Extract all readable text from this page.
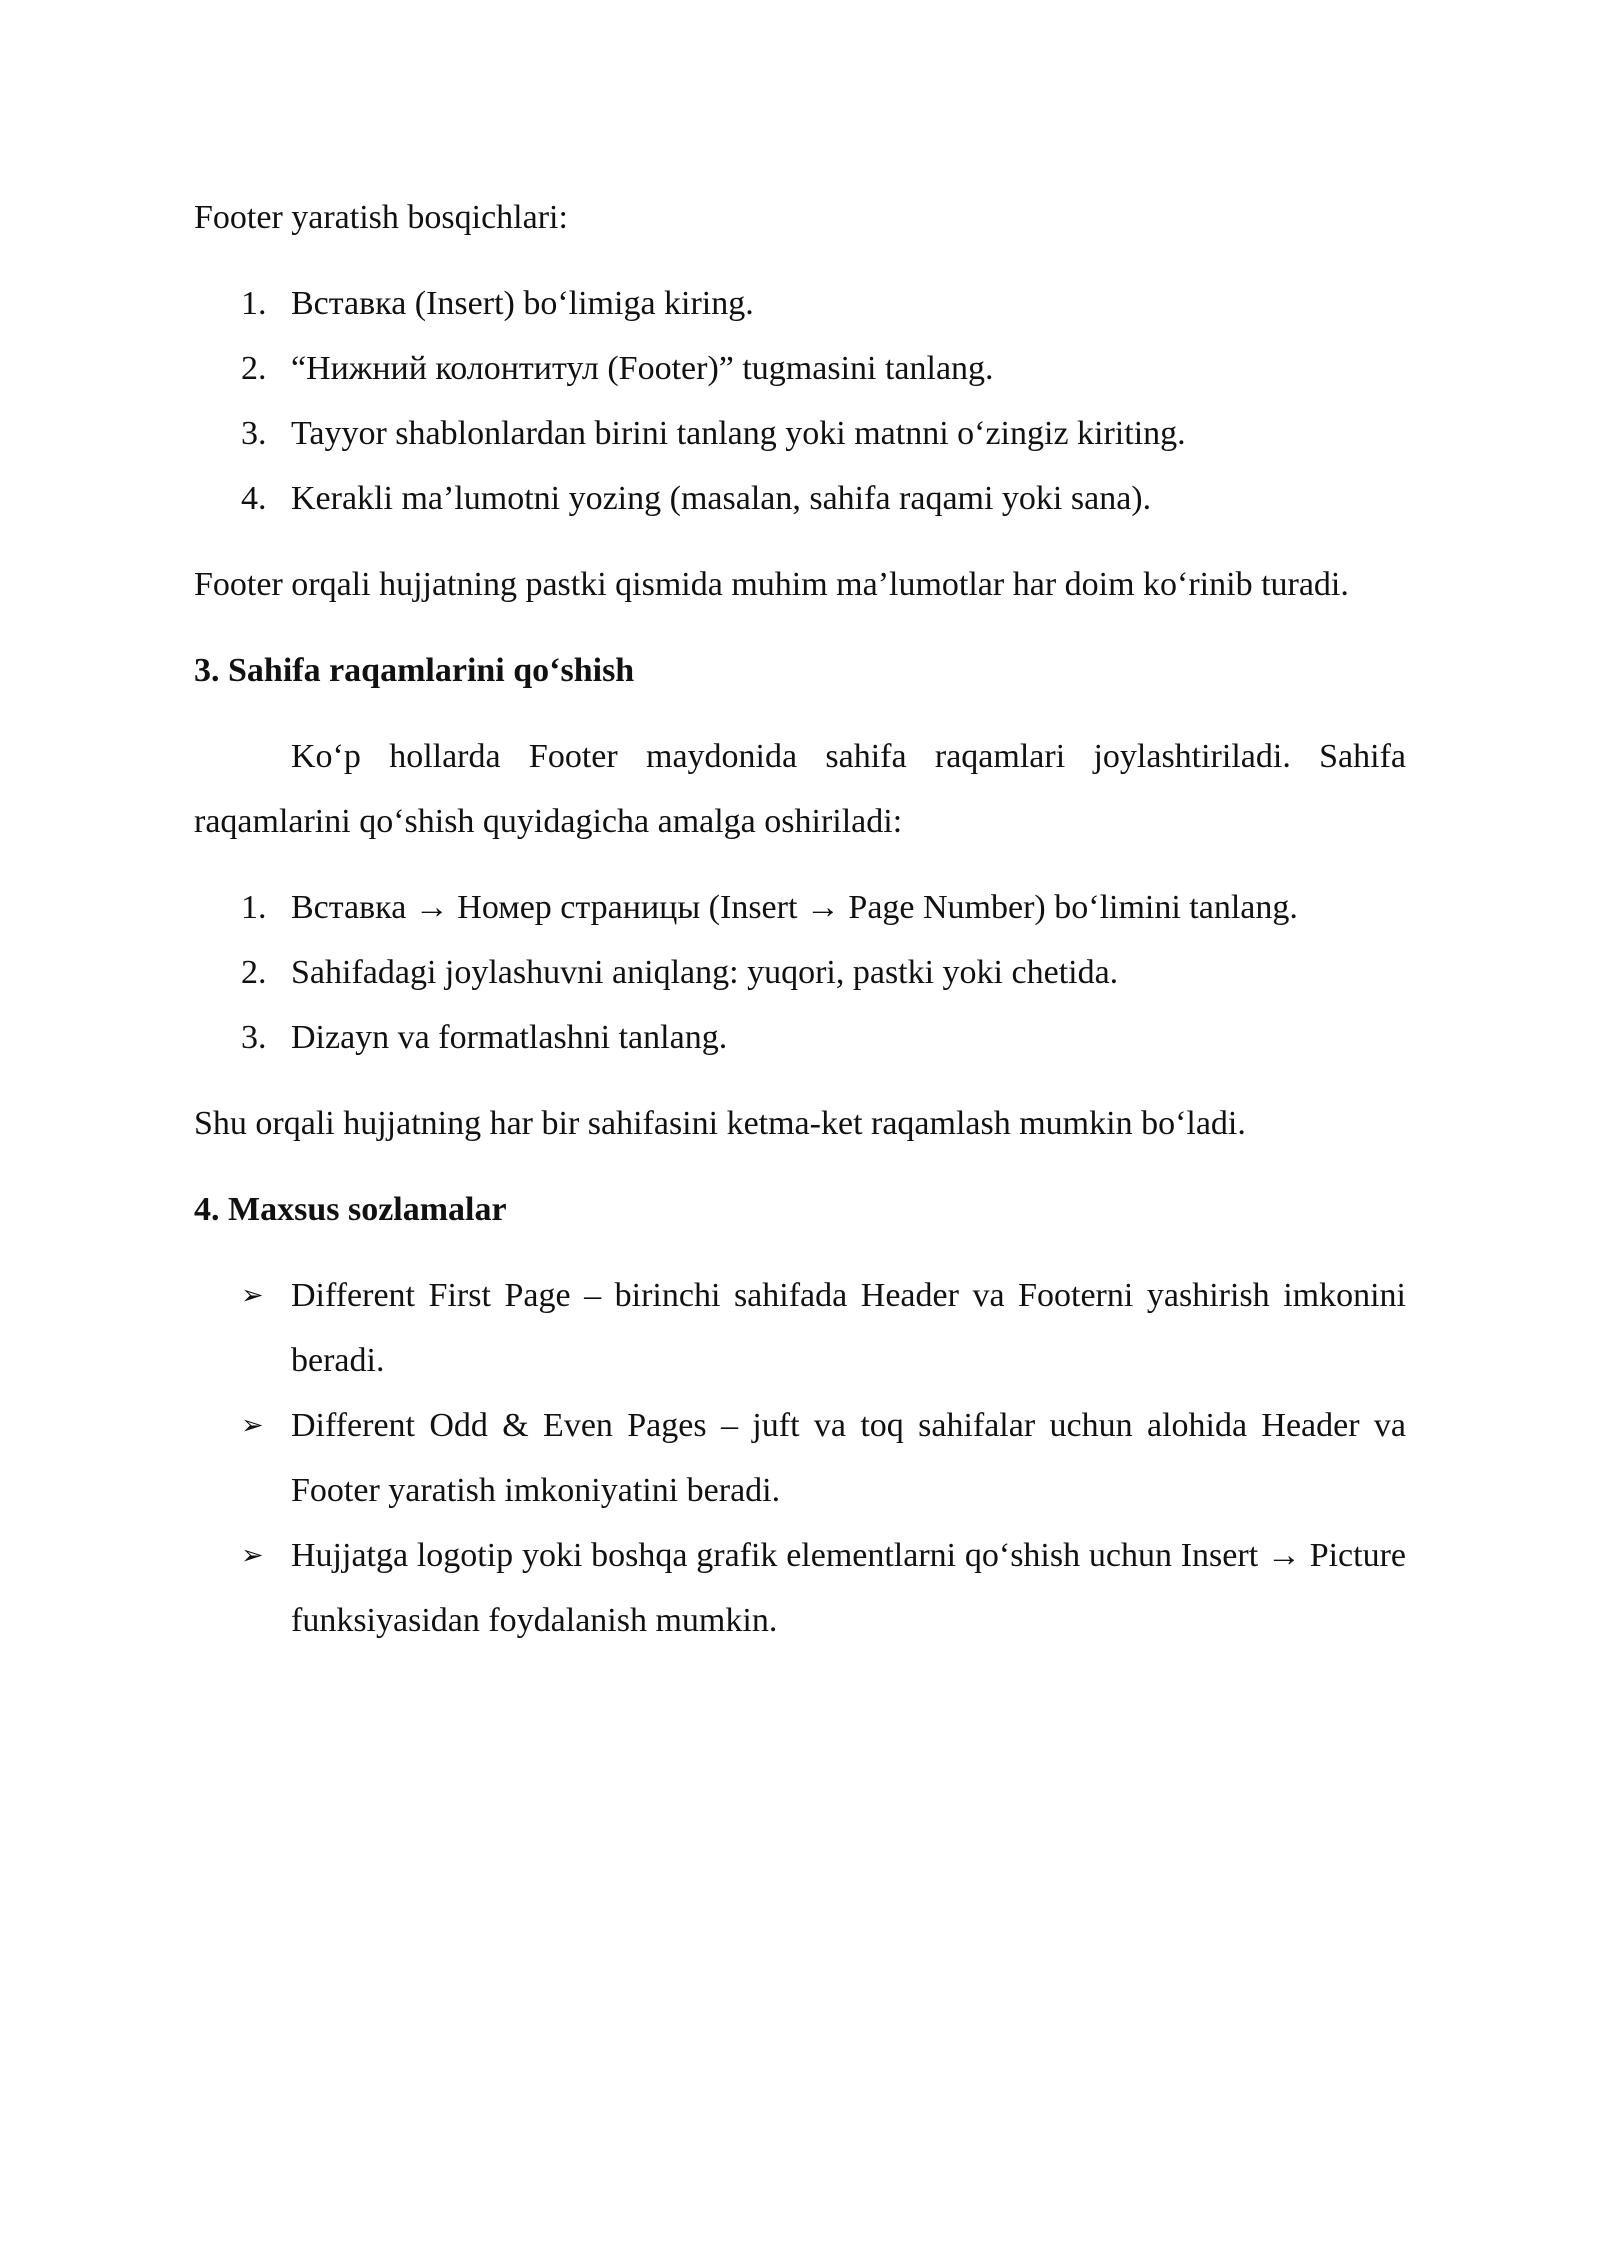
Footer yaratish bosqichlari:

1. Вставка (Insert) bo‘limiga kiring.
2. “Нижний колонтитул (Footer)” tugmasini tanlang.
3. Tayyor shablonlardan birini tanlang yoki matnni o‘zingiz kiriting.
4. Kerakli ma’lumotni yozing (masalan, sahifa raqami yoki sana).

Footer orqali hujjatning pastki qismida muhim ma’lumotlar har doim ko‘rinib turadi.

3. Sahifa raqamlarini qo‘shish

Ko‘p hollarda Footer maydonida sahifa raqamlari joylashtiriladi. Sahifa raqamlarini qo‘shish quyidagicha amalga oshiriladi:

1. Вставка → Номер страницы (Insert → Page Number) bo‘limini tanlang.
2. Sahifadagi joylashuvni aniqlang: yuqori, pastki yoki chetida.
3. Dizayn va formatlashni tanlang.

Shu orqali hujjatning har bir sahifasini ketma-ket raqamlash mumkin bo‘ladi.

4. Maxsus sozlamalar

➢ Different First Page – birinchi sahifada Header va Footerni yashirish imkonini beradi.
➢ Different Odd & Even Pages – juft va toq sahifalar uchun alohida Header va Footer yaratish imkoniyatini beradi.
➢ Hujjatga logotip yoki boshqa grafik elementlarni qo‘shish uchun Insert → Picture funksiyasidan foydalanish mumkin.
